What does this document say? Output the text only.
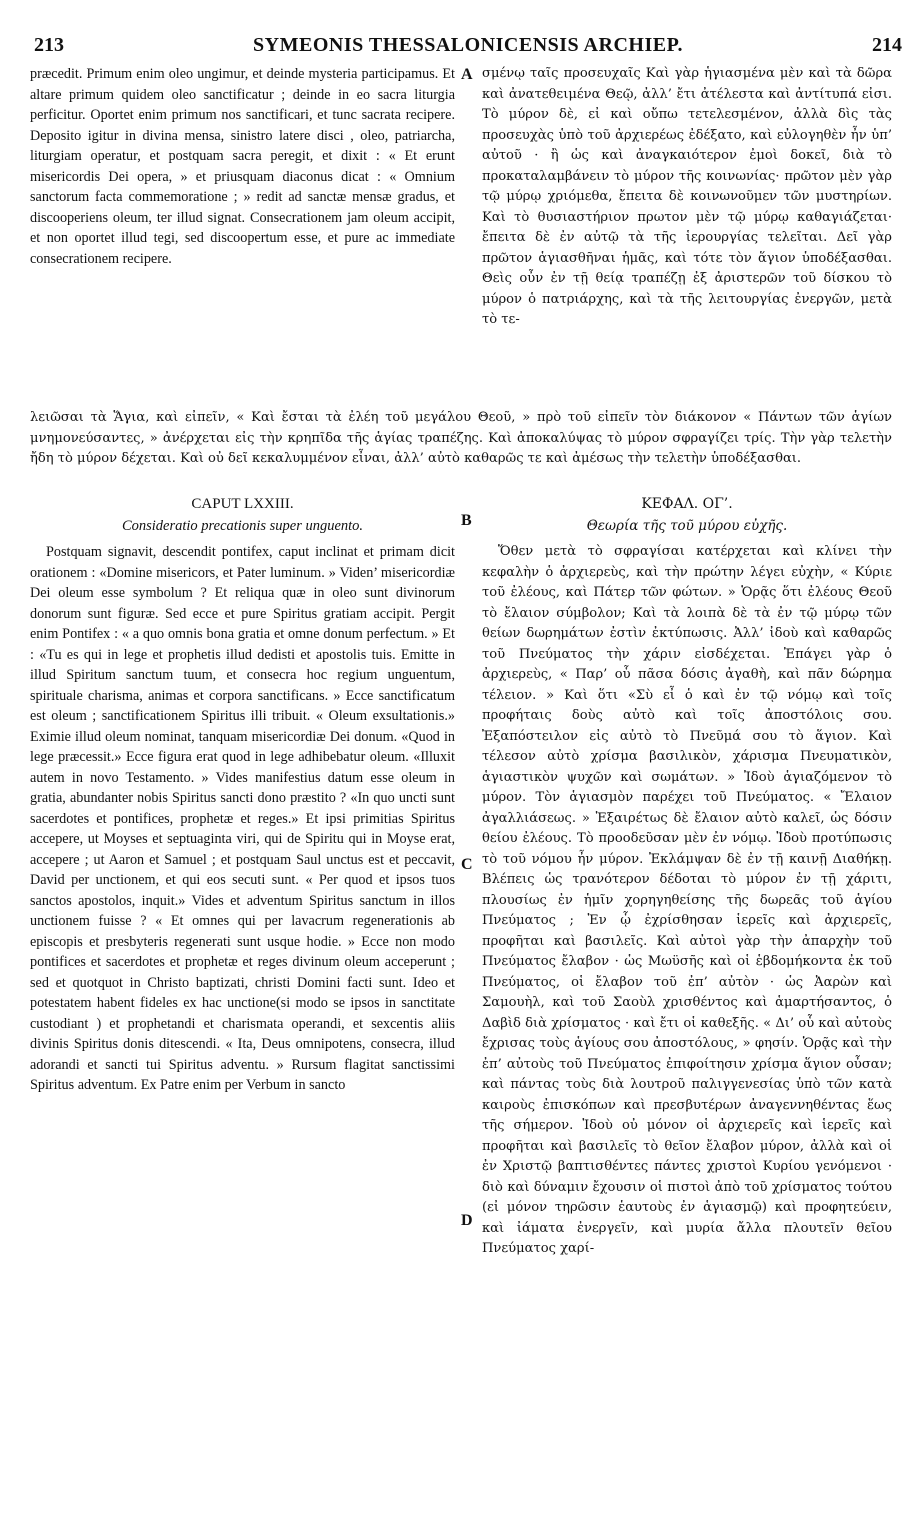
213	SYMEONIS THESSALONICENSIS ARCHIEP.	214

præcedit. Primum enim oleo ungimur, et deinde mysteria participamus. Et altare primum quidem oleo sanctificatur ; deinde in eo sacra liturgia perficitur. Oportet enim primum nos sanctificari, et tunc sacrata recipere. Deposito igitur in divina mensa, sinistro latere disci , oleo, patriarcha, liturgiam operatur, et postquam sacra peregit, et dixit : « Et erunt misericordis Dei opera, » et priusquam diaconus dicat : « Omnium sanctorum facta commemoratione ; » redit ad sanctæ mensæ gradus, et discooperiens oleum, ter illud signat. Consecrationem jam oleum accipit, et non oportet illud tegi, sed discoopertum esse, et pure ac immediate consecrationem recipere.

A σμένῳ ταῖς προσευχαῖς Καὶ γὰρ ἡγιασμένα μὲν καὶ τὰ δῶρα καὶ ἀνατεθειμένα Θεῷ, ἀλλ’ ἔτι ἀτέλεστα καὶ ἀντίτυπά εἰσι. Τὸ μύρον δὲ, εἰ καὶ οὔπω τετελεσμένον, ἀλλὰ δὶς τὰς προσευχὰς ὑπὸ τοῦ ἀρχιερέως ἐδέξατο, καὶ εὐλογηθὲν ἦν ὑπ’ αὐτοῦ · ἢ ὡς καὶ ἀναγκαιότερον ἐμοὶ δοκεῖ, διὰ τὸ προκαταλαμβάνειν τὸ μύρον τῆς κοινωνίας· πρῶτον μὲν γὰρ τῷ μύρῳ χριόμεθα, ἔπειτα δὲ κοινωνοῦμεν τῶν μυστηρίων. Καὶ τὸ θυσιαστήριον πρωτον μὲν τῷ μύρῳ καθαγιάζεται· ἔπειτα δὲ ἐν αὐτῷ τὰ τῆς ἱερουργίας τελεῖται. Δεῖ γὰρ πρῶτον ἁγιασθῆναι ἡμᾶς, καὶ τότε τὸν ἅγιον ὑποδέξασθαι. Θεὶς οὖν ἐν τῇ θείᾳ τραπέζῃ ἐξ ἀριστερῶν τοῦ δίσκου τὸ μύρον ὁ πατριάρχης, καὶ τὰ τῆς λειτουργίας ἐνεργῶν, μετὰ τὸ τε-

λειῶσαι τὰ Ἅγια, καὶ εἰπεῖν, « Καὶ ἔσται τὰ ἐλέη τοῦ μεγάλου Θεοῦ, » πρὸ τοῦ εἰπεῖν τὸν διάκονον « Πάντων τῶν ἁγίων μνημονεύσαντες, » ἀνέρχεται εἰς τὴν κρηπῖδα τῆς ἁγίας τραπέζης. Καὶ ἀποκαλύψας τὸ μύρον σφραγίζει τρίς. Τὴν γὰρ τελετὴν ἤδη τὸ μύρον δέχεται. Καὶ οὐ δεῖ κεκαλυμμένον εἶναι, ἀλλ’ αὐτὸ καθαρῶς τε καὶ ἀμέσως τὴν τελετὴν ὑποδέξασθαι.

CAPUT LXXIII.
Consideratio precationis super unguento.	B
ΚΕΦΑΛ. ΟΓ’.
Θεωρία τῆς τοῦ μύρου εὐχῆς.

Postquam signavit, descendit pontifex, caput inclinat et primam dicit orationem : «Domine misericors, et Pater luminum. » Viden’ misericordiæ Dei oleum esse symbolum ? Et reliqua quæ in oleo sunt divinorum donorum sunt figuræ. Sed ecce et pure Spiritus gratiam accipit. Pergit enim Pontifex : « a quo omnis bona gratia et omne donum perfectum. » Et : «Tu es qui in lege et prophetis illud dedisti et apostolis tuis. Emitte in illud Spiritum sanctum tuum, et consecra hoc regium unguentum, spirituale charisma, animas et corpora sanctificans. » Ecce sanctificatum est oleum ; sanctificationem Spiritus illi tribuit. « Oleum exsultationis.» Eximie illud oleum nominat, tanquam misericordiæ Dei donum. «Quod in lege præcessit.» Ecce figura erat quod in lege adhibebatur oleum. «Illuxit autem in novo Testamento. » Vides manifestius datum esse oleum in gratia, abundanter nobis Spiritus sancti dono præstito ? «In quo uncti sunt sacerdotes et pontifices, prophetæ et reges.» Et ipsi primitias Spiritus accepere, ut Moyses et septuaginta viri, qui de Spiritu qui in Moyse erat, accepere ; ut Aaron et Samuel ; et postquam Saul unctus est et peccavit, David per unctionem, et qui eos secuti sunt. « Per quod et ipsos tuos sanctos apostolos, inquit.» Vides et adventum Spiritus sanctum in illos unctionem fuisse ? « Et omnes qui per lavacrum regenerationis ab episcopis et presbyteris regenerati sunt usque hodie. » Ecce non modo pontifices et sacerdotes et prophetæ et reges divinum oleum acceperunt ; sed et quotquot in Christo baptizati, christi Domini facti sunt. Ideo et potestatem habent fideles ex hac unctione(si modo se ipsos in sanctitate custodiant ) et prophetandi et charismata operandi, et sexcentis aliis divinis Spiritus donis ditescendi. « Ita, Deus omnipotens, consecra, illud adorandi et sancti tui Spiritus adventu. » Rursum flagitat sanctissimi Spiritus adventum. Ex Patre enim per Verbum in sancto

C
D

Ὅθεν μετὰ τὸ σφραγίσαι κατέρχεται καὶ κλίνει τὴν κεφαλὴν ὁ ἀρχιερεὺς, καὶ τὴν πρώτην λέγει εὐχὴν, « Κύριε τοῦ ἐλέους, καὶ Πάτερ τῶν φώτων. » Ὁρᾷς ὅτι ἐλέους Θεοῦ τὸ ἔλαιον σύμβολον; Καὶ τὰ λοιπὰ δὲ τὰ ἐν τῷ μύρῳ τῶν θείων δωρημάτων ἐστὶν ἐκτύπωσις. Ἀλλ’ ἰδοὺ καὶ καθαρῶς τοῦ Πνεύματος τὴν χάριν εἰσδέχεται. Ἐπάγει γὰρ ὁ ἀρχιερεὺς, « Παρ’ οὗ πᾶσα δόσις ἀγαθὴ, καὶ πᾶν δώρημα τέλειον. » Καὶ ὅτι «Σὺ εἶ ὁ καὶ ἐν τῷ νόμῳ καὶ τοῖς προφήταις δοὺς αὐτὸ καὶ τοῖς ἀποστόλοις σου. Ἐξαπόστειλον εἰς αὐτὸ τὸ Πνεῦμά σου τὸ ἅγιον. Καὶ τέλεσον αὐτὸ χρίσμα βασιλικὸν, χάρισμα Πνευματικὸν, ἁγιαστικὸν ψυχῶν καὶ σωμάτων. » Ἰδοὺ ἁγιαζόμενον τὸ μύρον. Τὸν ἁγιασμὸν παρέχει τοῦ Πνεύματος. « Ἔλαιον ἀγαλλιάσεως. » Ἐξαιρέτως δὲ ἔλαιον αὐτὸ καλεῖ, ὡς δόσιν θείου ἐλέους. Τὸ προοδεῦσαν μὲν ἐν νόμῳ. Ἰδοὺ προτύπωσις τὸ τοῦ νόμου ἦν μύρον. Ἐκλάμψαν δὲ ἐν τῇ καινῇ Διαθήκῃ. Βλέπεις ὡς τρανότερον δέδοται τὸ μύρον ἐν τῇ χάριτι, πλουσίως ἐν ἡμῖν χορηγηθείσης τῆς δωρεᾶς τοῦ ἁγίου Πνεύματος ; Ἐν ᾧ ἐχρίσθησαν ἱερεῖς καὶ ἀρχιερεῖς, προφῆται καὶ βασιλεῖς. Καὶ αὐτοὶ γὰρ τὴν ἀπαρχὴν τοῦ Πνεύματος ἔλαβον · ὡς Μωϋσῆς καὶ οἱ ἑβδομήκοντα ἐκ τοῦ Πνεύματος, οἱ ἔλαβον τοῦ ἐπ’ αὐτὸν · ὡς Ἀαρὼν καὶ Σαμουὴλ, καὶ τοῦ Σαοὺλ χρισθέντος καὶ ἁμαρτήσαντος, ὁ Δαβὶδ διὰ χρίσματος · καὶ ἔτι οἱ καθεξῆς. « Δι’ οὗ καὶ αὐτοὺς ἔχρισας τοὺς ἁγίους σου ἀποστόλους, » φησίν. Ὁρᾷς καὶ τὴν ἐπ’ αὐτοὺς τοῦ Πνεύματος ἐπιφοίτησιν χρίσμα ἅγιον οὖσαν; καὶ πάντας τοὺς διὰ λουτροῦ παλιγγενεσίας ὑπὸ τῶν κατὰ καιροὺς ἐπισκόπων καὶ πρεσβυτέρων ἀναγεννηθέντας ἕως τῆς σήμερον. Ἰδοὺ οὐ μόνον οἱ ἀρχιερεῖς καὶ ἱερεῖς καὶ προφῆται καὶ βασιλεῖς τὸ θεῖον ἔλαβον μύρον, ἀλλὰ καὶ οἱ ἐν Χριστῷ βαπτισθέντες πάντες χριστοὶ Κυρίου γενόμενοι · διὸ καὶ δύναμιν ἔχουσιν οἱ πιστοὶ ἀπὸ τοῦ χρίσματος τούτου (εἰ μόνον τηρῶσιν ἑαυτοὺς ἐν ἁγιασμῷ) καὶ προφητεύειν, καὶ ἰάματα ἐνεργεῖν, καὶ μυρία ἄλλα πλουτεῖν θεῖου Πνεύματος χαρί-
